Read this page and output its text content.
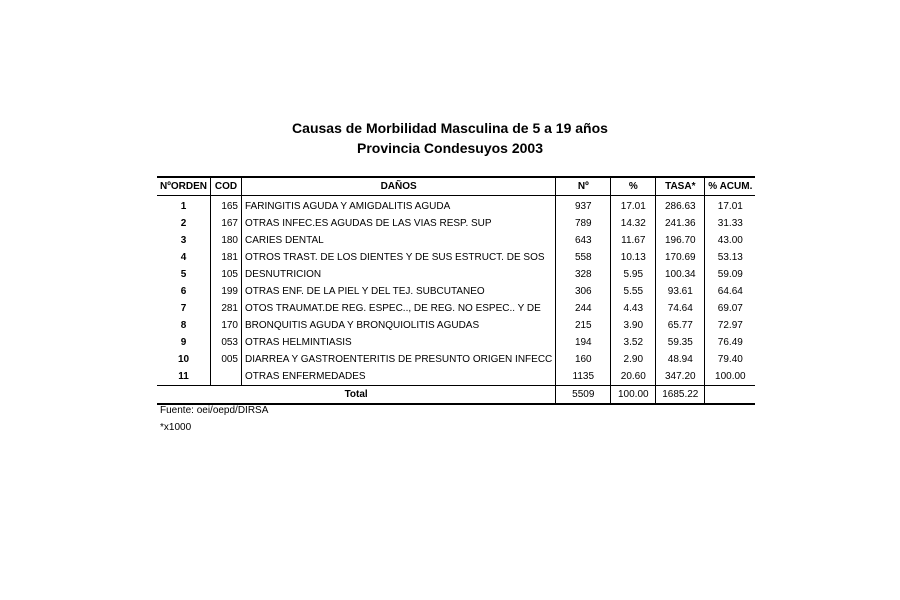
Causas de Morbilidad Masculina de 5 a 19 años
Provincia Condesuyos 2003
NºORDEN	COD	DAÑOS	Nº	%	TASA*	% ACUM.
1	165	FARINGITIS AGUDA Y AMIGDALITIS AGUDA	937	17.01	286.63	17.01
2	167	OTRAS INFEC.ES AGUDAS DE LAS VIAS RESP. SUP	789	14.32	241.36	31.33
3	180	CARIES DENTAL	643	11.67	196.70	43.00
4	181	OTROS TRAST. DE LOS DIENTES Y DE SUS ESTRUCT. DE SOS	558	10.13	170.69	53.13
5	105	DESNUTRICION	328	5.95	100.34	59.09
6	199	OTRAS ENF. DE LA PIEL Y DEL TEJ. SUBCUTANEO	306	5.55	93.61	64.64
7	281	OTOS TRAUMAT.DE REG. ESPEC.., DE REG. NO ESPEC.. Y DE	244	4.43	74.64	69.07
8	170	BRONQUITIS AGUDA Y BRONQUIOLITIS AGUDAS	215	3.90	65.77	72.97
9	053	OTRAS HELMINTIASIS	194	3.52	59.35	76.49
10	005	DIARREA Y GASTROENTERITIS DE PRESUNTO ORIGEN INFECC	160	2.90	48.94	79.40
11		OTRAS ENFERMEDADES	1135	20.60	347.20	100.00
Total			5509	100.00	1685.22	
Fuente: oei/oepd/DIRSA
*x1000
